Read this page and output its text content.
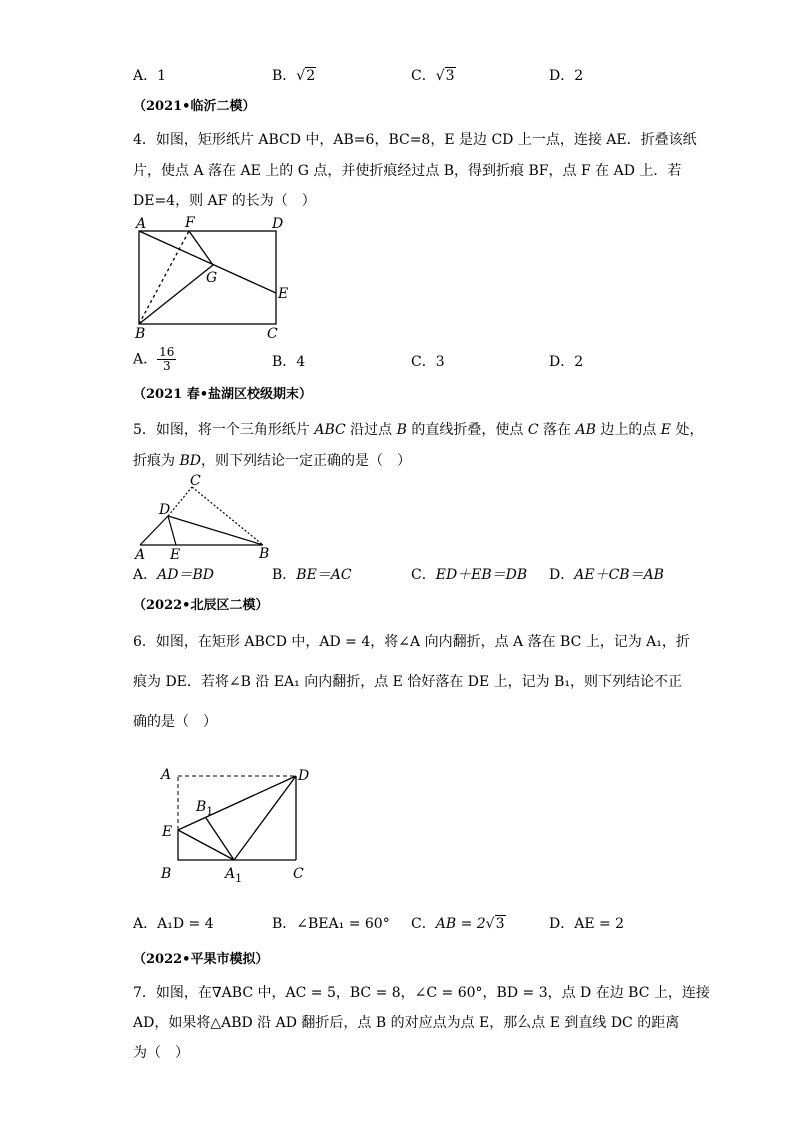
A．1	B．√2	C．√3	D．2
（2021•临沂二模）
4．如图，矩形纸片 ABCD 中，AB=6，BC=8，E 是边 CD 上一点，连接 AE．折叠该纸
片，使点 A 落在 AE 上的 G 点，并使折痕经过点 B，得到折痕 BF，点 F 在 AD 上．若
DE=4，则 AF 的长为（　）
A	F	D
G
E
B	C
A． $\frac{16}{3}$	B．4	C．3	D．2
（2021 春•盐湖区校级期末）
5．如图，将一个三角形纸片 ABC 沿过点 B 的直线折叠，使点 C 落在 AB 边上的点 E 处，
折痕为 BD，则下列结论一定正确的是（　）
C
D
A E	B
A．AD＝BD	B．BE＝AC	C．ED＋EB＝DB D．AE＋CB＝AB
（2022•北辰区二模）
6．如图，在矩形 ABCD 中，AD = 4，将∠A 向内翻折，点 A 落在 BC 上，记为 A₁，折
痕为 DE．若将∠B 沿 EA₁ 向内翻折，点 E 恰好落在 DE 上，记为 B₁，则下列结论不正
确的是（　）
A	D
$B_1$
E
B	$A_1$	C
A．A₁D = 4	B．∠BEA₁ = 60° C．AB = 2√3	D．AE = 2
（2022•平果市模拟）
7．如图，在∇ABC 中，AC = 5，BC = 8，∠C = 60°，BD = 3，点 D 在边 BC 上，连接
AD，如果将△ABD 沿 AD 翻折后，点 B 的对应点为点 E，那么点 E 到直线 DC 的距离
为（　）
